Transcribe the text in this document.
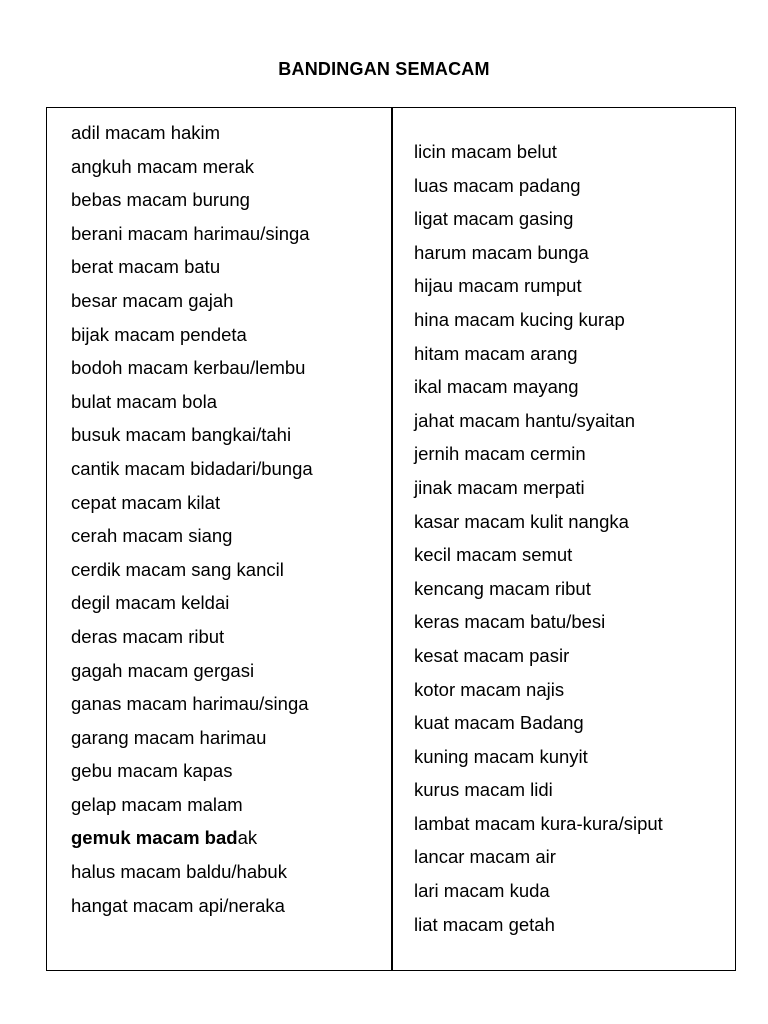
BANDINGAN SEMACAM
adil macam hakim
angkuh macam merak
bebas macam burung
berani macam harimau/singa
berat macam batu
besar macam gajah
bijak macam pendeta
bodoh macam kerbau/lembu
bulat macam bola
busuk macam bangkai/tahi
cantik macam bidadari/bunga
cepat macam kilat
cerah macam siang
cerdik macam sang kancil
degil macam keldai
deras macam ribut
gagah macam gergasi
ganas macam harimau/singa
garang macam harimau
gebu macam kapas
gelap macam malam
gemuk macam badak
halus macam baldu/habuk
hangat macam api/neraka
licin macam belut
luas macam padang
ligat macam gasing
harum macam bunga
hijau macam rumput
hina macam kucing kurap
hitam macam arang
ikal macam mayang
jahat macam hantu/syaitan
jernih macam cermin
jinak macam merpati
kasar macam kulit nangka
kecil macam semut
kencang macam ribut
keras macam batu/besi
kesat macam pasir
kotor macam najis
kuat macam Badang
kuning macam kunyit
kurus macam lidi
lambat macam kura-kura/siput
lancar macam air
lari macam kuda
liat macam getah
